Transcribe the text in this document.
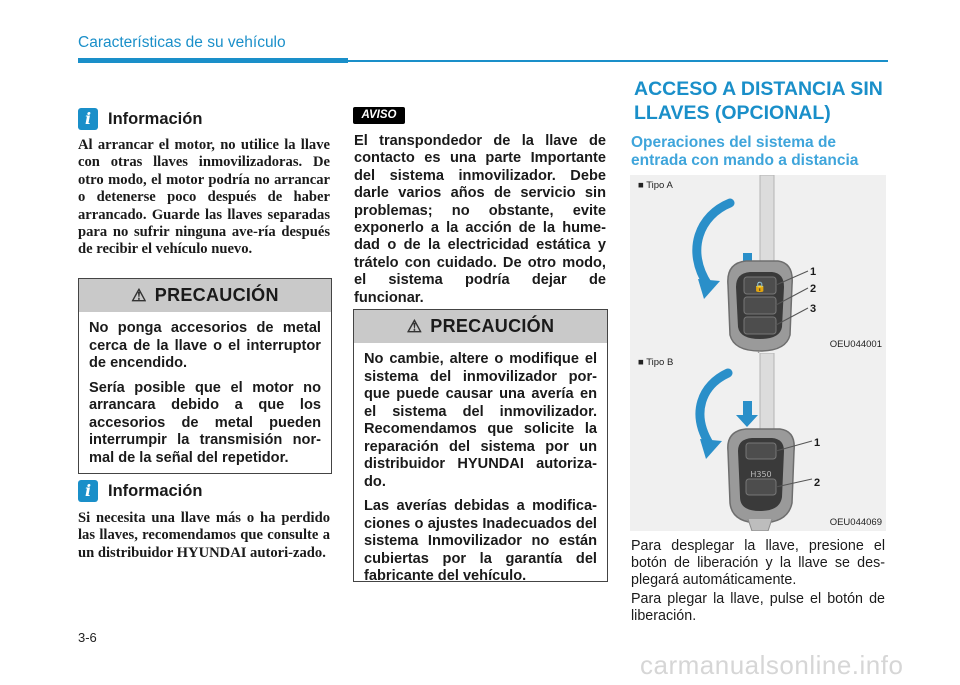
Características de su vehículo
i	Información
Al arrancar el motor, no utilice la llave con otras llaves inmovilizadoras. De otro modo, el motor podría no arrancar o detenerse poco después de haber arrancado. Guarde las llaves separadas para no sufrir ninguna ave-ría después de recibir el vehículo nuevo.
⚠ PRECAUCIÓN

No ponga accesorios de metal cerca de la llave o el interruptor de encendido.

Sería posible que el motor no arrancara debido a que los accesorios de metal pueden interrumpir la transmisión nor-mal de la señal del repetidor.

i	Información
Si necesita una llave más o ha perdido las llaves, recomendamos que consulte a un distribuidor HYUNDAI autori-zado.
AVISO
El transpondedor de la llave de contacto es una parte Importante del sistema inmovilizador. Debe darle varios años de servicio sin problemas; no obstante, evite exponerlo a la acción de la hume-dad o de la electricidad estática y trátelo con cuidado. De otro modo, el sistema podría dejar de funcionar.
⚠ PRECAUCIÓN

No cambie, altere o modifique el sistema del inmovilizador por-que puede causar una avería en el sistema del inmovilizador. Recomendamos que solicite la reparación del sistema por un distribuidor HYUNDAI autoriza-do.

Las averías debidas a modifica-ciones o ajustes Inadecuados del sistema Inmovilizador no están cubiertas por la garantía del fabricante del vehículo.

ACCESO A DISTANCIA SIN LLAVES (OPCIONAL)
Operaciones del sistema de entrada con mando a distancia
■ Tipo A
🔒
1
2
3
OEU044001
■ Tipo B
H350
1
2
OEU044069
Para desplegar la llave, presione el botón de liberación y la llave se des-plegará automáticamente.
Para plegar la llave, pulse el botón de liberación.
3-6
carmanualsonline.info
